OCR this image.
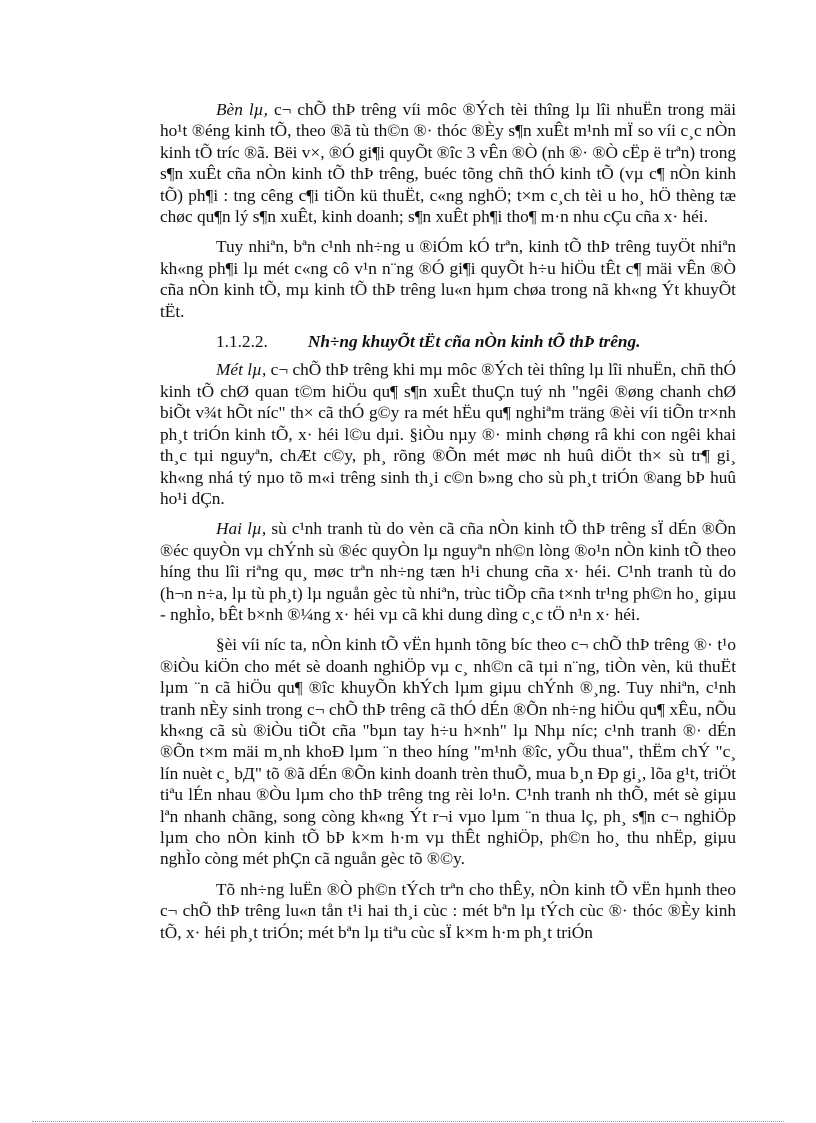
Bèn lµ, c¬ chÕ thÞ trêng víi môc ®Ých tèi thîng lµ lîi nhuËn trong mäi ho¹t ®éng kinh tÕ, theo ®ã tù th©n ®· thóc ®Èy s¶n xuÊt m¹nh mÏ so víi c¸c nÒn kinh tÕ tríc ®ã. Bëi v×, ®Ó gi¶i quyÕt ®îc 3 vÊn ®Ò (nh ®· ®Ò cËp ë trªn) trong s¶n xuÊt cña nÒn kinh tÕ thÞ trêng, buéc tõng chñ thÓ kinh tÕ (vµ c¶ nÒn kinh tÕ) ph¶i : tng cêng c¶i tiÕn kü thuËt, c«ng nghÖ; t×m c¸ch tèi u ho¸ hÖ thèng tæ chøc qu¶n lý s¶n xuÊt, kinh doanh; s¶n xuÊt ph¶i tho¶ m·n nhu cÇu cña x· héi.

Tuy nhiªn, bªn c¹nh nh÷ng u ®iÓm kÓ trªn, kinh tÕ thÞ trêng tuyÖt nhiªn kh«ng ph¶i lµ mét c«ng cô v¹n n¨ng ®Ó gi¶i quyÕt h÷u hiÖu tÊt c¶ mäi vÊn ®Ò cña nÒn kinh tÕ, mµ kinh tÕ thÞ trêng lu«n hµm chøa trong nã kh«ng Ýt khuyÕt tËt.

1.1.2.2. Nh÷ng khuyÕt tËt cña nÒn kinh tÕ thÞ trêng.

Mét lµ, c¬ chÕ thÞ trêng khi mµ môc ®Ých tèi thîng lµ lîi nhuËn, chñ thÓ kinh tÕ chØ quan t©m hiÖu qu¶ s¶n xuÊt thuÇn tuý nh "ngêi ®øng chanh chØ biÕt v¾t hÕt níc" th× cã thÓ g©y ra mét hËu qu¶ nghiªm träng ®èi víi tiÕn tr×nh ph¸t triÓn kinh tÕ, x· héi l©u dµi. §iÒu nµy ®· minh chøng râ khi con ngêi khai th¸c tµi nguyªn, chÆt c©y, ph¸ rõng ®Õn mét møc nh huû diÖt th× sù tr¶ gi¸ kh«ng nhá tý nµo tõ m«i trêng sinh th¸i c©n b»ng cho sù ph¸t triÓn ®ang bÞ huû ho¹i dÇn.

Hai lµ, sù c¹nh tranh tù do vèn cã cña nÒn kinh tÕ thÞ trêng sÏ dÉn ®Õn ®éc quyÒn vµ chÝnh sù ®éc quyÒn lµ nguyªn nh©n lòng ®o¹n nÒn kinh tÕ theo híng thu lîi riªng qu¸ møc trªn nh÷ng tæn h¹i chung cña x· héi. C¹nh tranh tù do (h¬n n÷a, lµ tù ph¸t) lµ nguån gèc tù nhiªn, trùc tiÕp cña t×nh tr¹ng ph©n ho¸ giµu - nghÌo, bÊt b×nh ®¼ng x· héi vµ cã khi dung dìng c¸c tÖ n¹n x· héi.

§èi víi níc ta, nÒn kinh tÕ vËn hµnh tõng bíc theo c¬ chÕ thÞ trêng ®· t¹o ®iÒu kiÖn cho mét sè doanh nghiÖp vµ c¸ nh©n cã tµi n¨ng, tiÒn vèn, kü thuËt lµm ¨n cã hiÖu qu¶ ®îc khuyÕn khÝch lµm giµu chÝnh ®¸ng. Tuy nhiªn, c¹nh tranh nÈy sinh trong c¬ chÕ thÞ trêng cã thÓ dÉn ®Õn nh÷ng hiÖu qu¶ xÊu, nÕu kh«ng cã sù ®iÒu tiÕt cña "bµn tay h÷u h×nh" lµ Nhµ níc; c¹nh tranh ®· dÉn ®Õn t×m mäi m¸nh khoÐ lµm ¨n theo híng "m¹nh ®îc, yÕu thua", thËm chÝ "c¸ lín nuèt c¸ bД" tõ ®ã dÉn ®Õn kinh doanh trèn thuÕ, mua b¸n Ðp gi¸, lõa g¹t, triÖt tiªu lÉn nhau ®Òu lµm cho thÞ trêng tng rèi lo¹n. C¹nh tranh nh thÕ, mét sè giµu lªn nhanh chãng, song còng kh«ng Ýt r¬i vµo lµm ¨n thua lç, ph¸ s¶n c¬ nghiÖp lµm cho nÒn kinh tÕ bÞ k×m h·m vµ thÊt nghiÖp, ph©n ho¸ thu nhËp, giµu nghÌo còng mét phÇn cã nguån gèc tõ ®©y.

Tõ nh÷ng luËn ®Ò ph©n tÝch trªn cho thÊy, nÒn kinh tÕ vËn hµnh theo c¬ chÕ thÞ trêng lu«n tån t¹i hai th¸i cùc : mét bªn lµ tÝch cùc ®· thóc ®Èy kinh tÕ, x· héi ph¸t triÓn; mét bªn lµ tiªu cùc sÏ k×m h·m ph¸t triÓn
